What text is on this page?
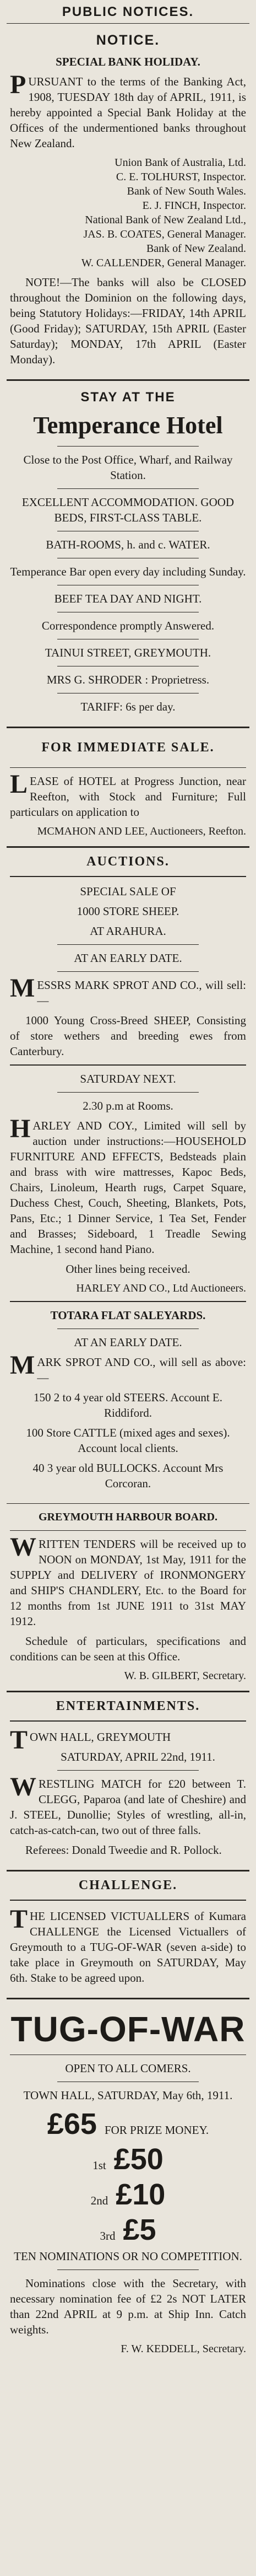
PUBLIC NOTICES.
NOTICE.

SPECIAL BANK HOLIDAY.

PURSUANT to the terms of the Banking Act, 1908, TUESDAY 18th day of APRIL, 1911, is hereby appointed a Special Bank Holiday at the Offices of the undermentioned banks throughout New Zealand.

Union Bank of Australia, Ltd.

C. E. TOLHURST, Inspector.

Bank of New South Wales.

E. J. FINCH, Inspector.

National Bank of New Zealand Ltd.,

JAS. B. COATES, General Manager.

Bank of New Zealand.

W. CALLENDER, General Manager.

NOTE!—The banks will also be CLOSED throughout the Dominion on the following days, being Statutory Holidays:—FRIDAY, 14th APRIL (Good Friday); SATURDAY, 15th APRIL (Easter Saturday); MONDAY, 17th APRIL (Easter Monday).

STAY AT THE
Temperance Hotel

Close to the Post Office, Wharf, and Railway Station.

EXCELLENT ACCOMMODATION. GOOD BEDS, FIRST-CLASS TABLE.

BATH-ROOMS, h. and c. WATER.

Temperance Bar open every day including Sunday.

BEEF TEA DAY AND NIGHT.

Correspondence promptly Answered.

TAINUI STREET, GREYMOUTH.

MRS G. SHRODER : Proprietress.

TARIFF: 6s per day.

FOR IMMEDIATE SALE.

LEASE of HOTEL at Progress Junction, near Reefton, with Stock and Furniture; Full particulars on application to

MCMAHON AND LEE, Auctioneers, Reefton.

AUCTIONS.

SPECIAL SALE OF

1000 STORE SHEEP.

AT ARAHURA.

AT AN EARLY DATE.

MESSRS MARK SPROT AND CO., will sell:—

1000 Young Cross-Breed SHEEP, Consisting of store wethers and breeding ewes from Canterbury.

SATURDAY NEXT.

2.30 p.m at Rooms.

HARLEY AND COY., Limited will sell by auction under instructions:—HOUSEHOLD FURNITURE AND EFFECTS, Bedsteads plain and brass with wire mattresses, Kapoc Beds, Chairs, Linoleum, Hearth rugs, Carpet Square, Duchess Chest, Couch, Sheeting, Blankets, Pots, Pans, Etc.; 1 Dinner Service, 1 Tea Set, Fender and Brasses; Sideboard, 1 Treadle Sewing Machine, 1 second hand Piano.

Other lines being received.

HARLEY AND CO., Ltd Auctioneers.

TOTARA FLAT SALEYARDS.

AT AN EARLY DATE.

MARK SPROT AND CO., will sell as above:—

150 2 to 4 year old STEERS. Account E. Riddiford.

100 Store CATTLE (mixed ages and sexes). Account local clients.

40 3 year old BULLOCKS. Account Mrs Corcoran.

GREYMOUTH HARBOUR BOARD.

WRITTEN TENDERS will be received up to NOON on MONDAY, 1st May, 1911 for the SUPPLY and DELIVERY of IRONMONGERY and SHIP'S CHANDLERY, Etc. to the Board for 12 months from 1st JUNE 1911 to 31st MAY 1912.

Schedule of particulars, specifications and conditions can be seen at this Office.

W. B. GILBERT, Secretary.

ENTERTAINMENTS.

TOWN HALL, GREYMOUTH

SATURDAY, APRIL 22nd, 1911.

WRESTLING MATCH for £20 between T. CLEGG, Paparoa (and late of Cheshire) and J. STEEL, Dunollie; Styles of wrestling, all-in, catch-as-catch-can, two out of three falls.

Referees: Donald Tweedie and R. Pollock.

CHALLENGE.

THE LICENSED VICTUALLERS of Kumara CHALLENGE the Licensed Victuallers of Greymouth to a TUG-OF-WAR (seven a-side) to take place in Greymouth on SATURDAY, May 6th. Stake to be agreed upon.

TUG-OF-WAR

OPEN TO ALL COMERS.

TOWN HALL, SATURDAY, May 6th, 1911.

£65 FOR PRIZE MONEY.
1st £50
2nd £10
3rd £5

TEN NOMINATIONS OR NO COMPETITION.

Nominations close with the Secretary, with necessary nomination fee of £2 2s NOT LATER than 22nd APRIL at 9 p.m. at Ship Inn. Catch weights.

F. W. KEDDELL, Secretary.
